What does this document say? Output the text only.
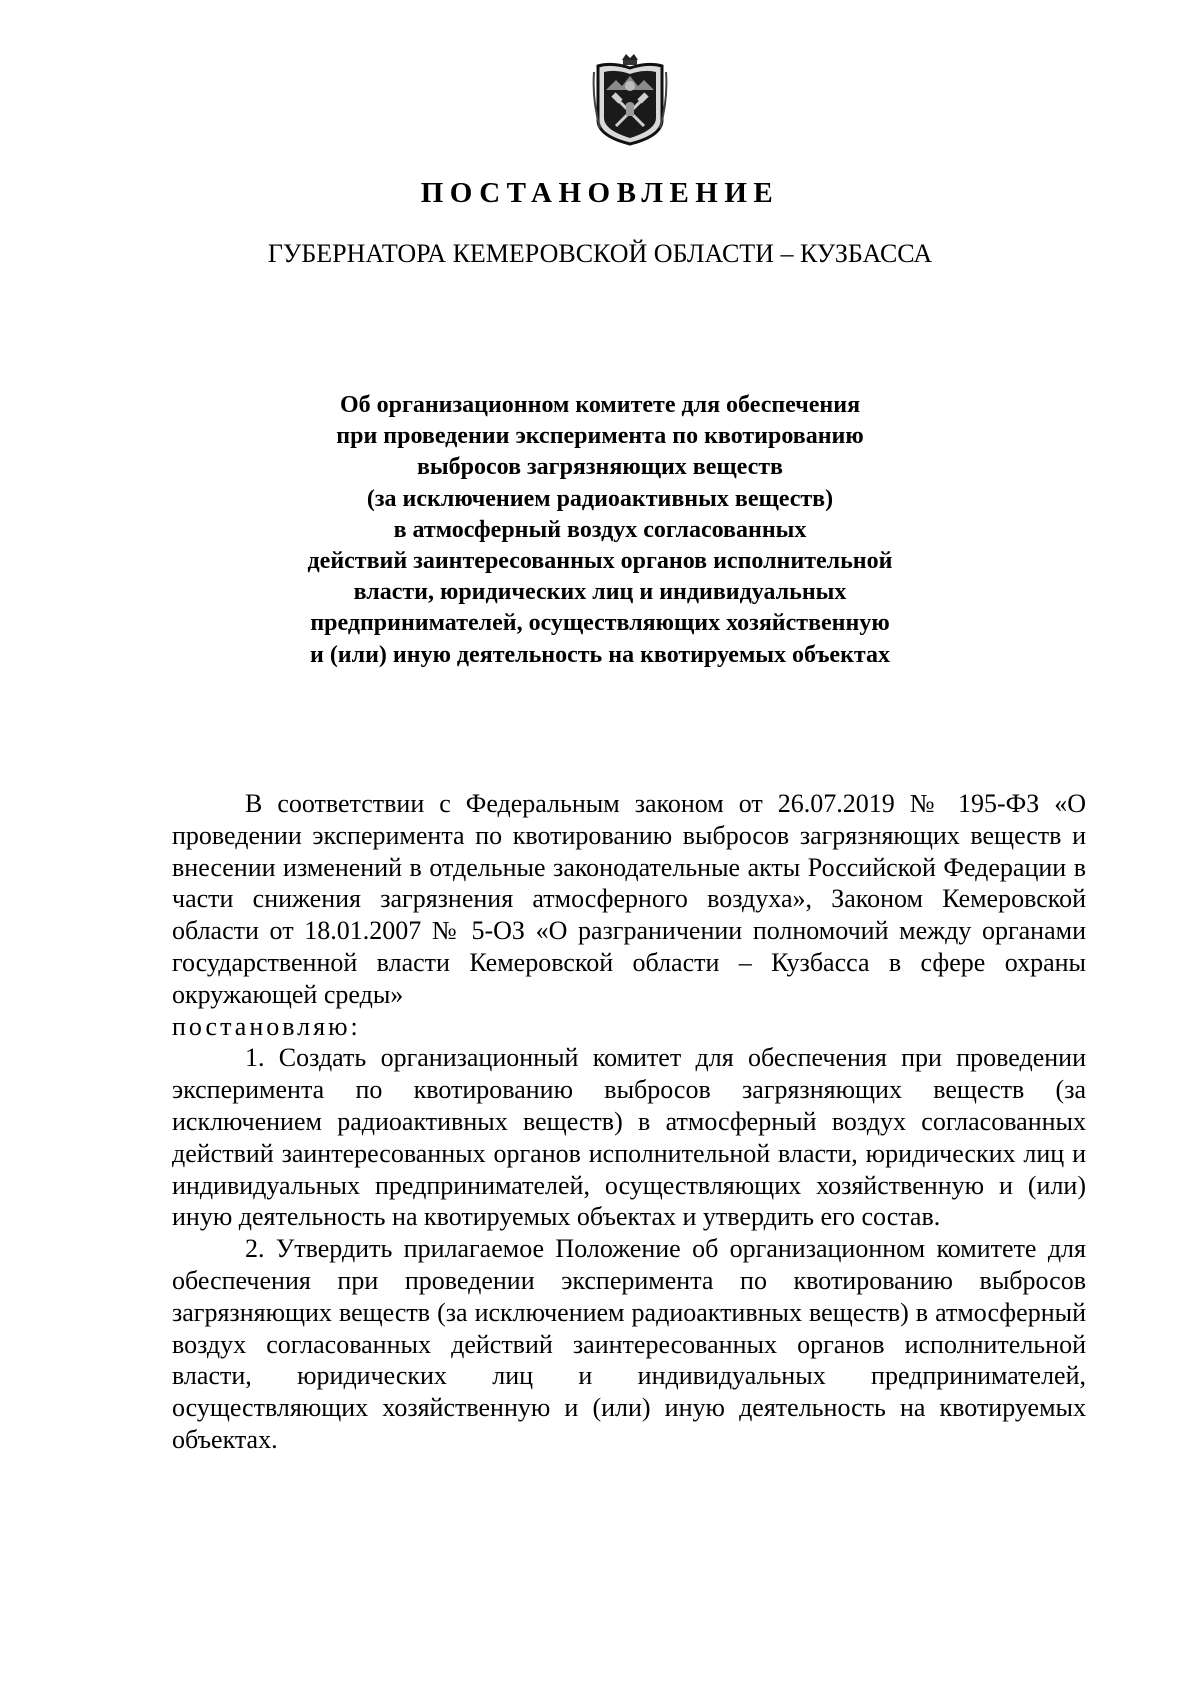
ПОСТАНОВЛЕНИЕ
ГУБЕРНАТОРА КЕМЕРОВСКОЙ ОБЛАСТИ – КУЗБАССА
Об организационном комитете для обеспечения
при проведении эксперимента по квотированию
выбросов загрязняющих веществ
(за исключением радиоактивных веществ)
в атмосферный воздух согласованных
действий заинтересованных органов исполнительной
власти, юридических лиц и индивидуальных
предпринимателей, осуществляющих хозяйственную
и (или) иную деятельность на квотируемых объектах

В соответствии с Федеральным законом от 26.07.2019 № 195-ФЗ «О проведении эксперимента по квотированию выбросов загрязняющих веществ и внесении изменений в отдельные законодательные акты Российской Федерации в части снижения загрязнения атмосферного воздуха», Законом Кемеровской области от 18.01.2007 № 5-ОЗ «О разграничении полномочий между органами государственной власти Кемеровской области – Кузбасса в сфере охраны окружающей среды»
постановляю:

1. Создать организационный комитет для обеспечения при проведении эксперимента по квотированию выбросов загрязняющих веществ (за исключением радиоактивных веществ) в атмосферный воздух согласованных действий заинтересованных органов исполнительной власти, юридических лиц и индивидуальных предпринимателей, осуществляющих хозяйственную и (или) иную деятельность на квотируемых объектах и утвердить его состав.

2. Утвердить прилагаемое Положение об организационном комитете для обеспечения при проведении эксперимента по квотированию выбросов загрязняющих веществ (за исключением радиоактивных веществ) в атмосферный воздух согласованных действий заинтересованных органов исполнительной власти, юридических лиц и индивидуальных предпринимателей, осуществляющих хозяйственную и (или) иную деятельность на квотируемых объектах.
